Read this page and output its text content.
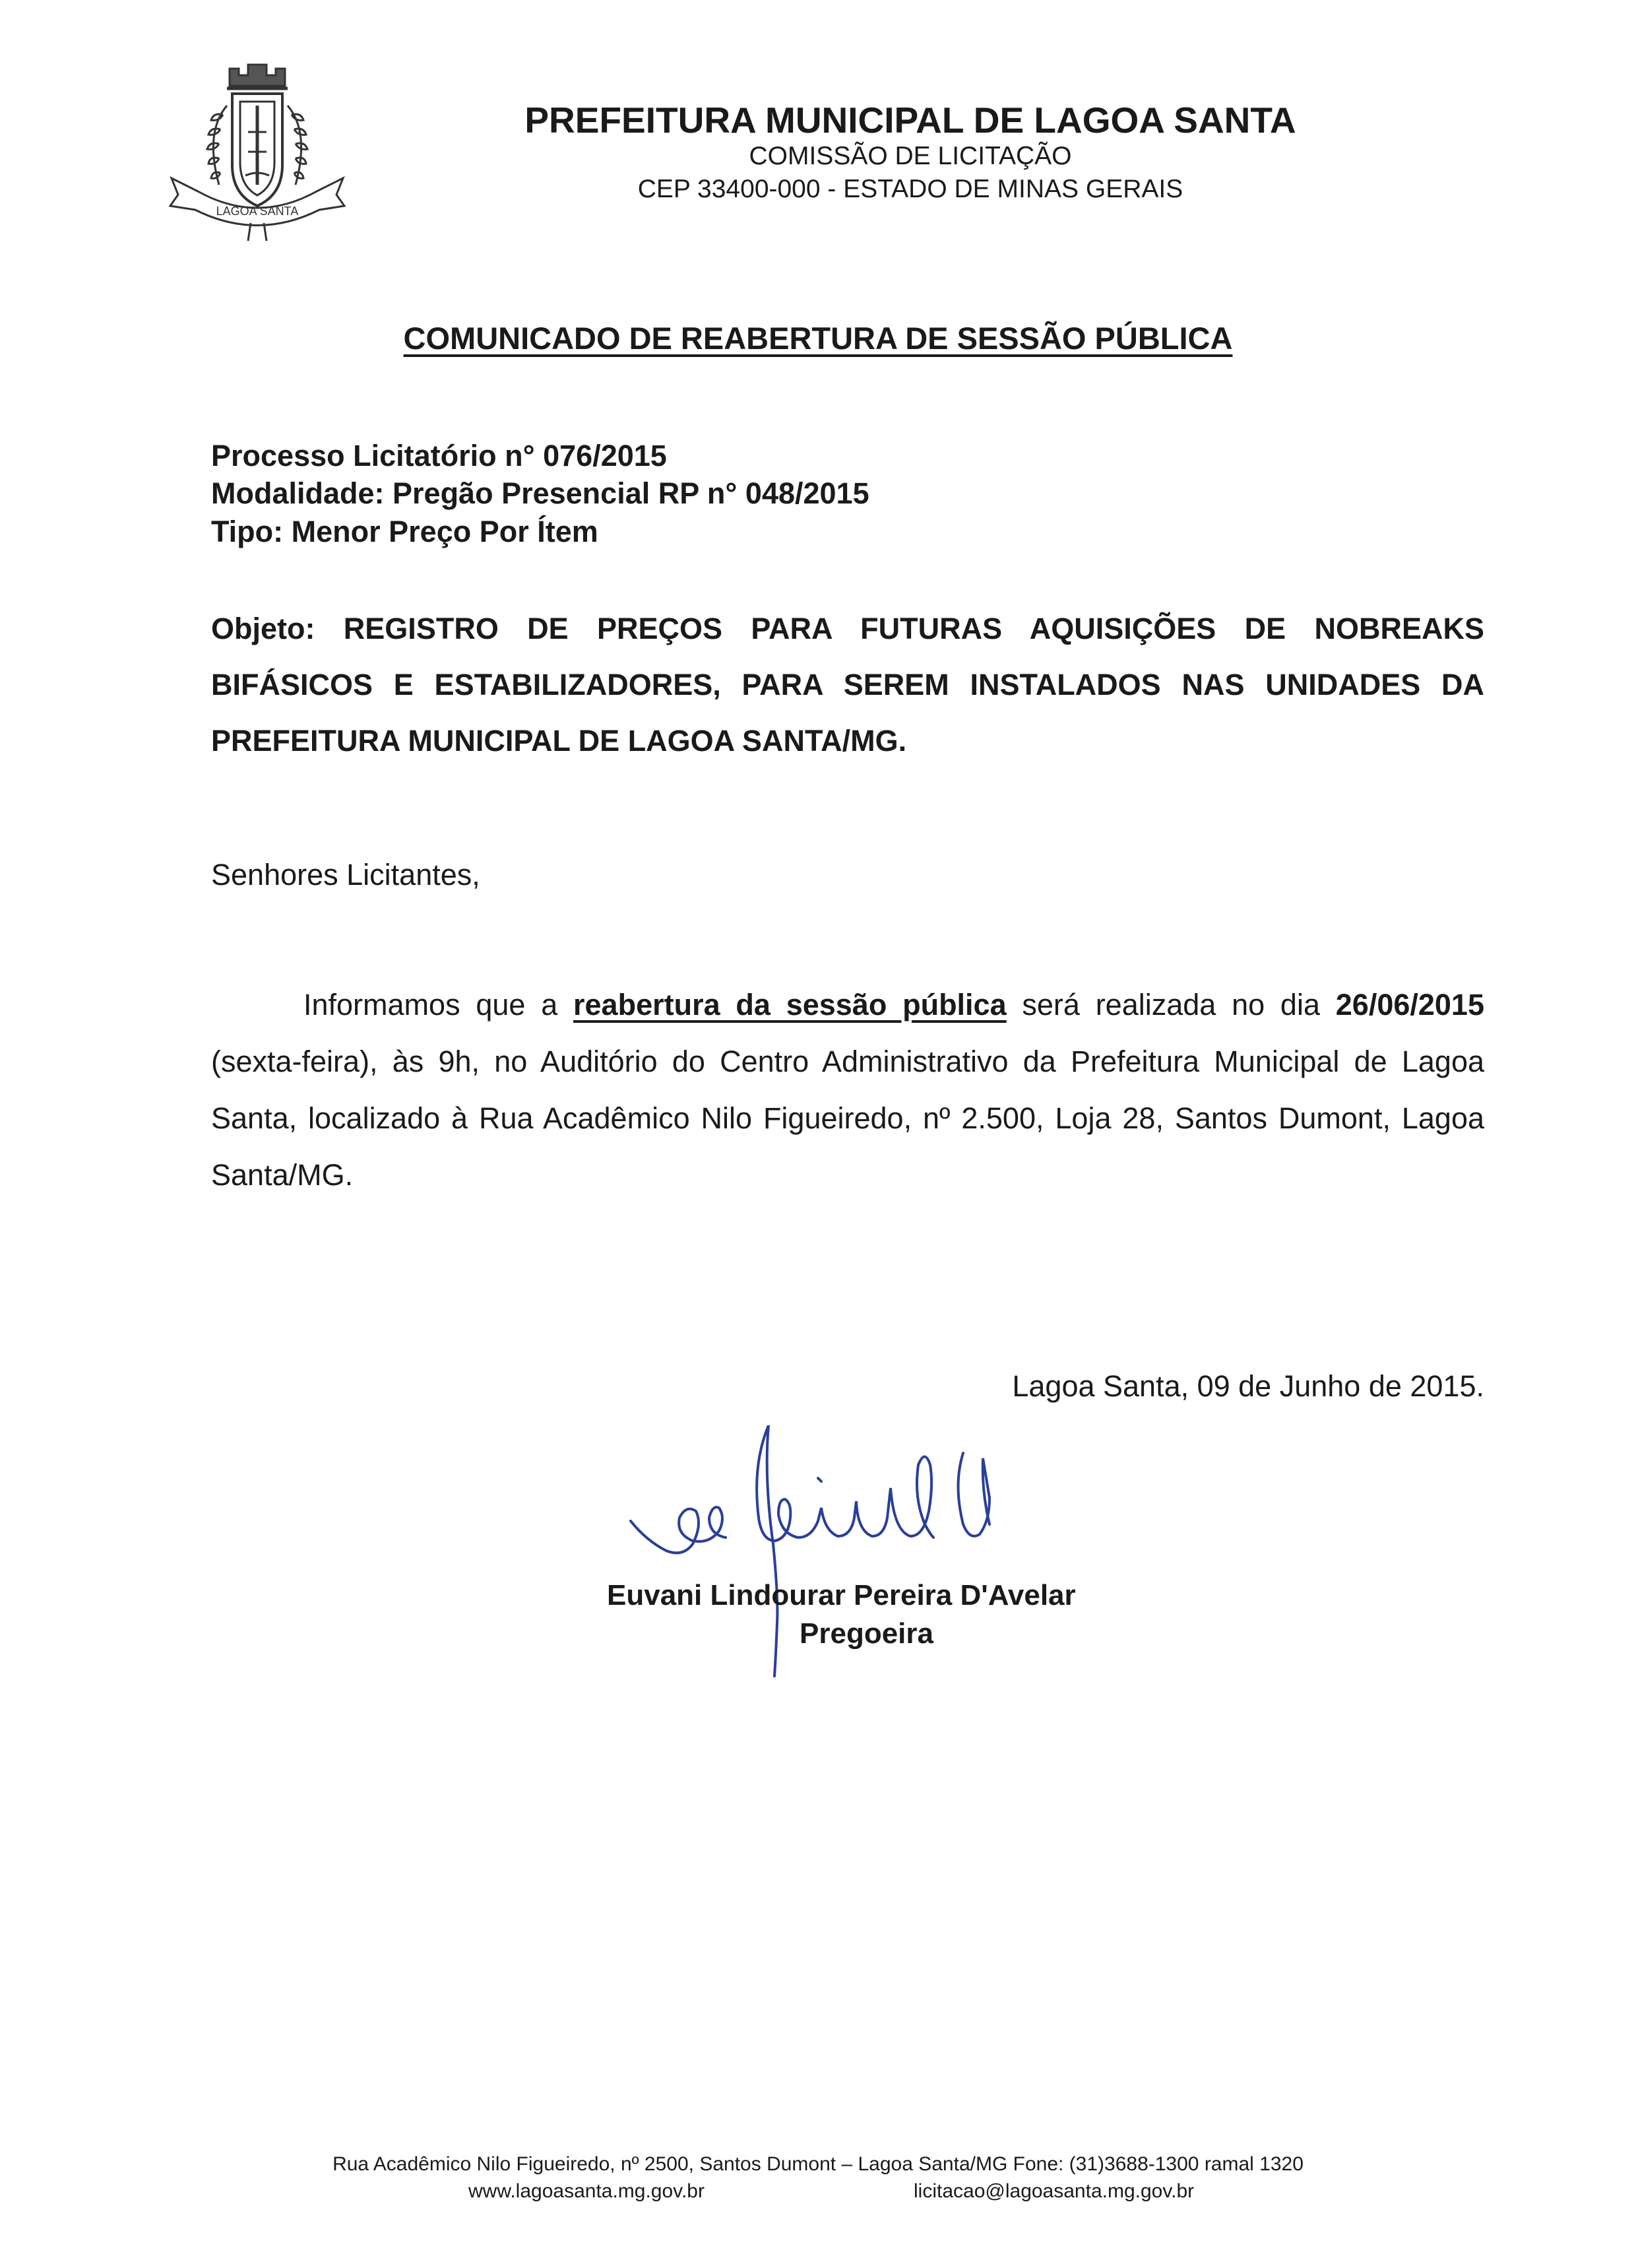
LAGOA SANTA
PREFEITURA MUNICIPAL DE LAGOA SANTA
COMISSÃO DE LICITAÇÃO
CEP 33400-000 - ESTADO DE MINAS GERAIS
COMUNICADO DE REABERTURA DE SESSÃO PÚBLICA
Processo Licitatório n° 076/2015
Modalidade: Pregão Presencial RP n° 048/2015
Tipo: Menor Preço Por Ítem
Objeto: REGISTRO DE PREÇOS PARA FUTURAS AQUISIÇÕES DE NOBREAKS BIFÁSICOS E ESTABILIZADORES, PARA SEREM INSTALADOS NAS UNIDADES DA PREFEITURA MUNICIPAL DE LAGOA SANTA/MG.
Senhores Licitantes,
Informamos que a reabertura da sessão pública será realizada no dia 26/06/2015 (sexta-feira), às 9h, no Auditório do Centro Administrativo da Prefeitura Municipal de Lagoa Santa, localizado à Rua Acadêmico Nilo Figueiredo, nº 2.500, Loja 28, Santos Dumont, Lagoa Santa/MG.
Lagoa Santa, 09 de Junho de 2015.
Euvani Lindourar Pereira D'Avelar
Pregoeira
Rua Acadêmico Nilo Figueiredo, nº 2500, Santos Dumont – Lagoa Santa/MG Fone: (31)3688-1300 ramal 1320
www.lagoasanta.mg.gov.br	licitacao@lagoasanta.mg.gov.br
